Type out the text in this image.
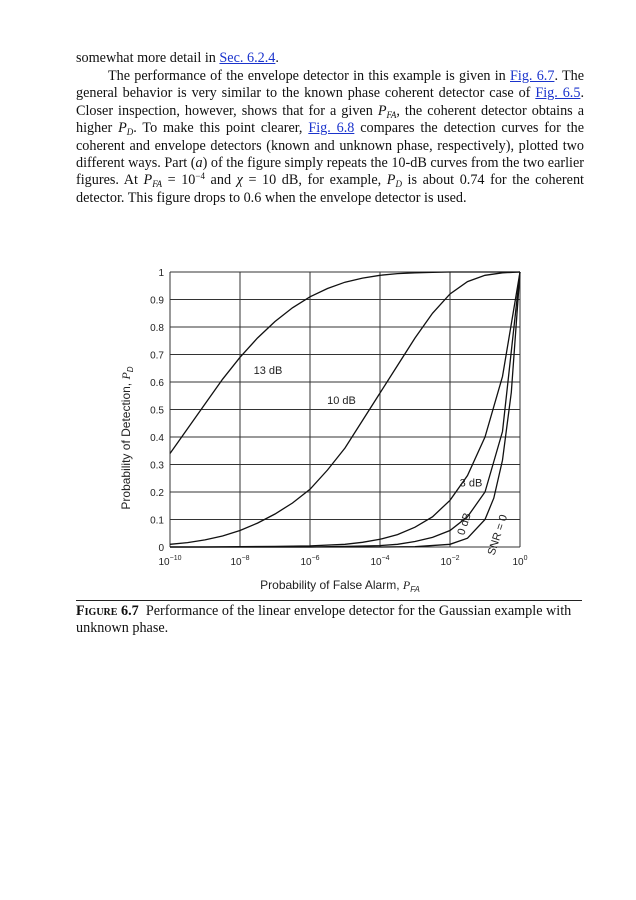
somewhat more detail in Sec. 6.2.4.
The performance of the envelope detector in this example is given in Fig. 6.7. The general behavior is very similar to the known phase coherent detector case of Fig. 6.5. Closer inspection, however, shows that for a given $P_{FA}$, the coherent detector obtains a higher $P_D$. To make this point clearer, Fig. 6.8 compares the detection curves for the coherent and envelope detectors (known and unknown phase, respectively), plotted two different ways. Part (a) of the figure simply repeats the 10-dB curves from the two earlier figures. At $P_{FA} = 10^{-4}$ and χ = 10 dB, for example, $P_D$ is about 0.74 for the coherent detector. This figure drops to 0.6 when the envelope detector is used.
0
0.1
0.2
0.3
0.4
0.5
0.6
0.7
0.8
0.9
1
$10^{-10}$	$10^{-8}$	$10^{-6}$	$10^{-4}$	$10^{-2}$	$10^0$
13 dB
10 dB
3 dB
0 dB SNR = 0
Probability of Detection, $P_D$
Probability of False Alarm, $P_{FA}$
Figure 6.7 Performance of the linear envelope detector for the Gaussian example with unknown phase.
